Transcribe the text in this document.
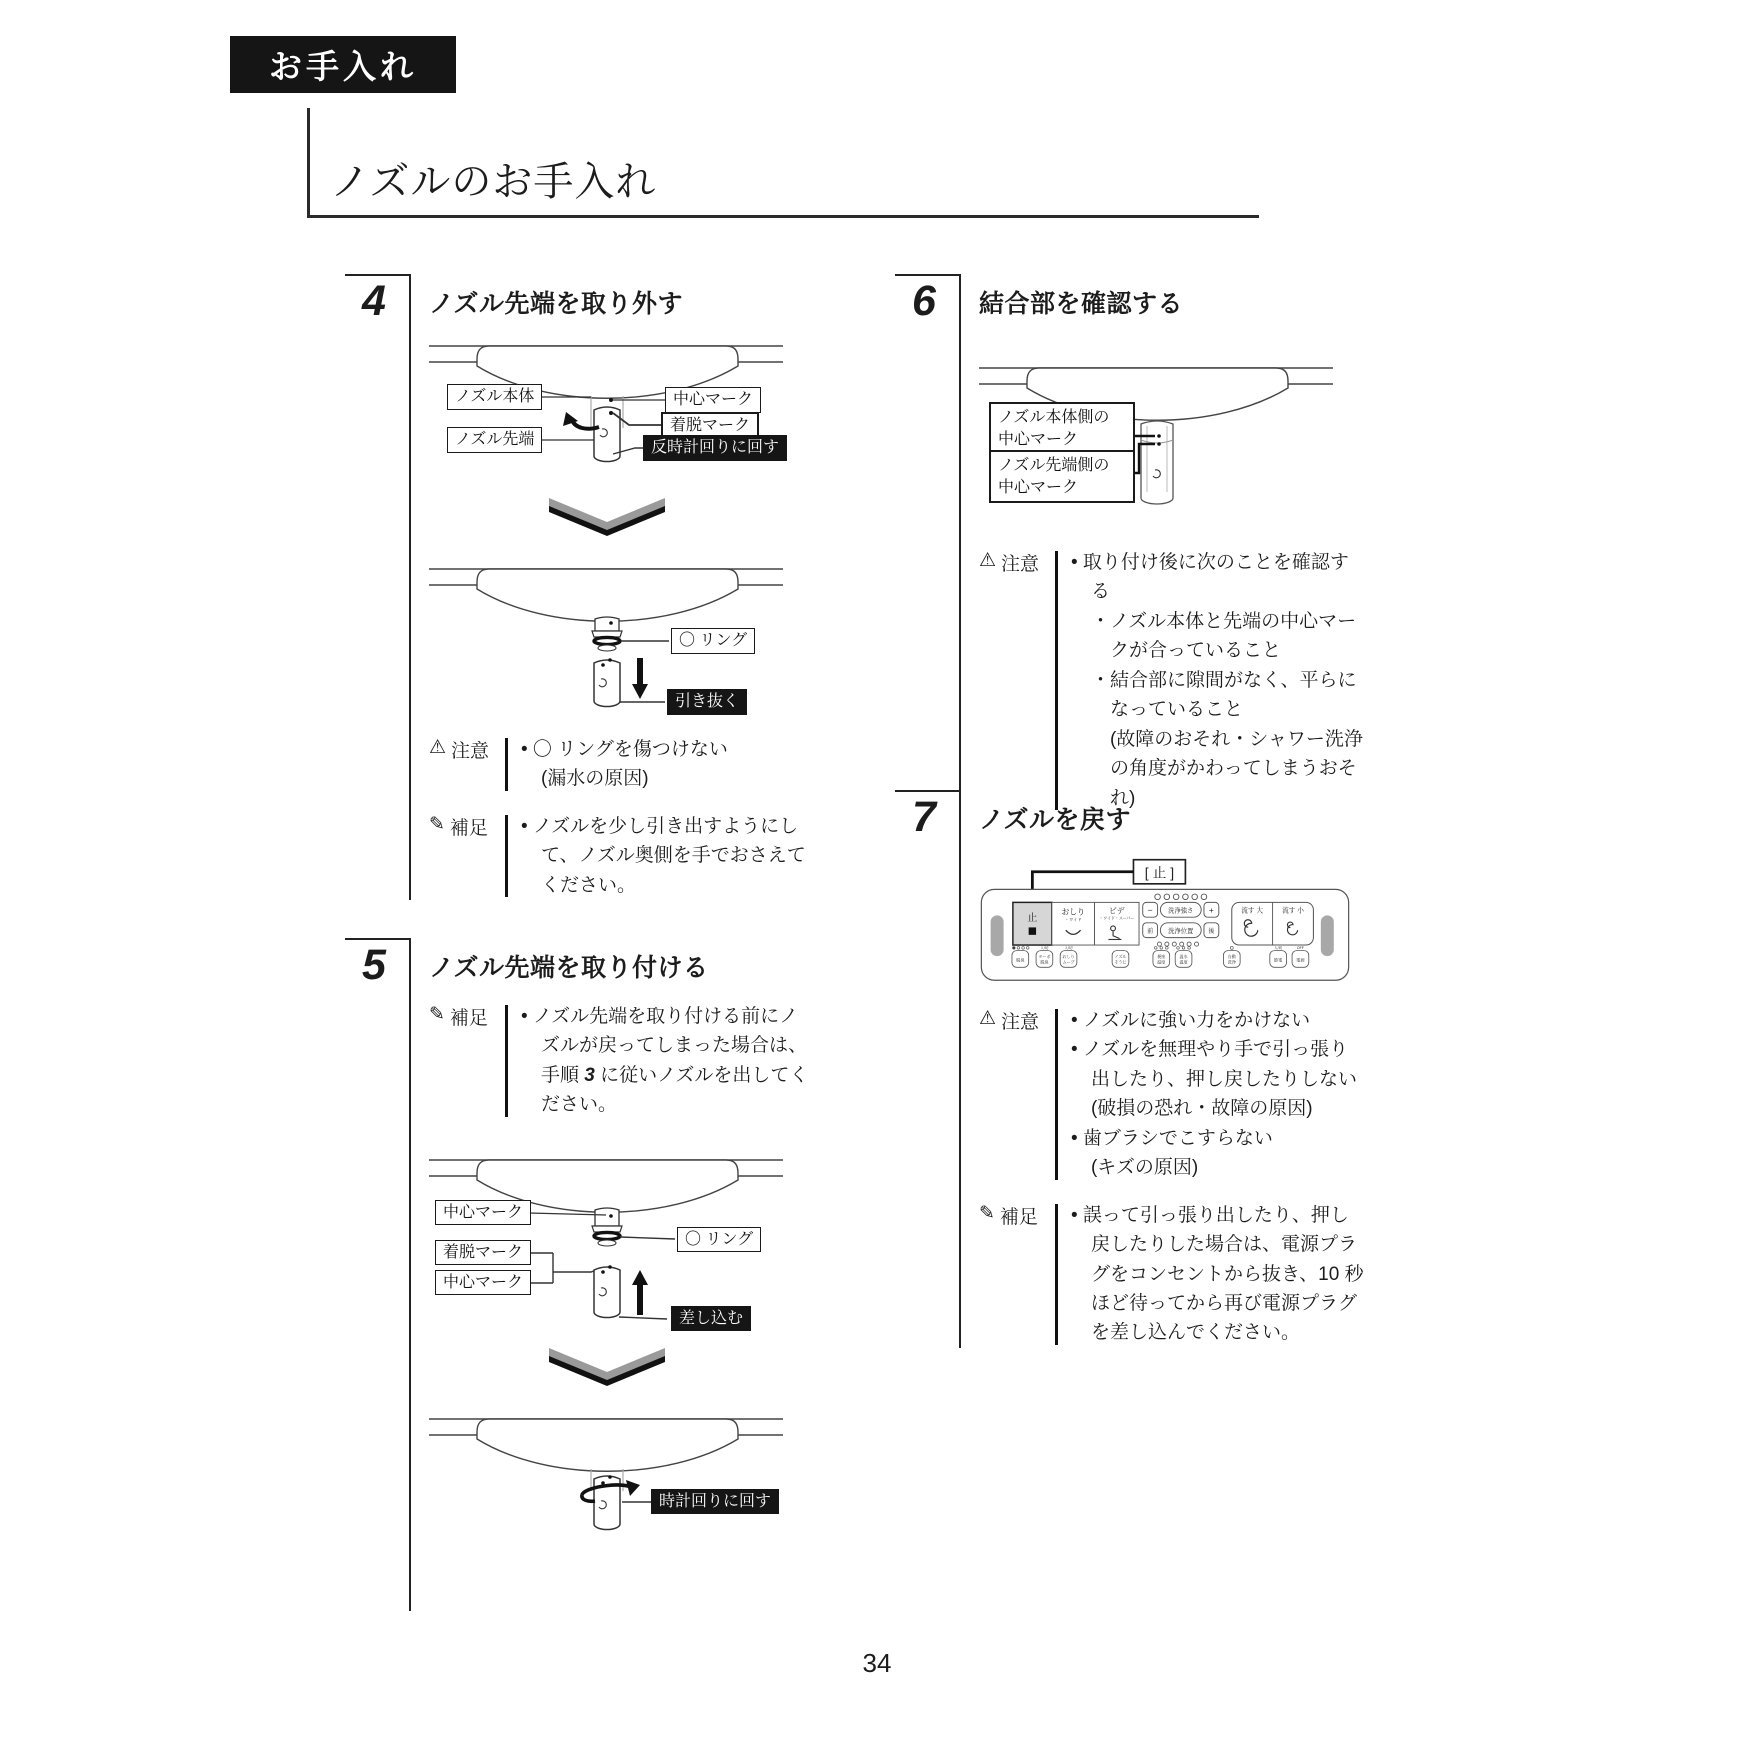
お手入れ
ノズルのお手入れ
4	ノズル先端を取り外す
ノズル本体
ノズル先端
中心マーク
着脱マーク
反時計回りに回す
〇 リング
引き抜く
⚠ 注意 • 〇 リングを傷つけない
(漏水の原因)
✎ 補足 • ノズルを少し引き出すようにして、ノズル奥側を手でおさえてください。
5	ノズル先端を取り付ける
✎ 補足 • ノズル先端を取り付ける前にノズルが戻ってしまった場合は、手順 3 に従いノズルを出してください。
中心マーク
着脱マーク
中心マーク
〇 リング
差し込む
時計回りに回す
6	結合部を確認する
ノズル本体側の
中心マーク
ノズル先端側の
中心マーク
⚠ 注意 • 取り付け後に次のことを確認する
・ノズル本体と先端の中心マークが合っていること
・結合部に隙間がなく、平らになっていること
(故障のおそれ・シャワー洗浄の角度がかわってしまうおそれ)
7	ノズルを戻す
[ 止 ]
止
おしり
・ワイド
ビデ
・ワイド・スーパー
− 洗浄強さ +
前 洗浄位置 後
流す 大	流す 小
脱臭
ターボ
脱臭
おしり
ムーブ
ノズル
そうじ
便座
温度
温水
温度
自動
洗浄	節電	電源
入/切	入/切	入/切	OFF
⚠ 注意 • ノズルに強い力をかけない
• ノズルを無理やり手で引っ張り出したり、押し戻したりしない
(破損の恐れ・故障の原因)
• 歯ブラシでこすらない
(キズの原因)
✎ 補足 • 誤って引っ張り出したり、押し戻したりした場合は、電源プラグをコンセントから抜き、10 秒ほど待ってから再び電源プラグを差し込んでください。
34
